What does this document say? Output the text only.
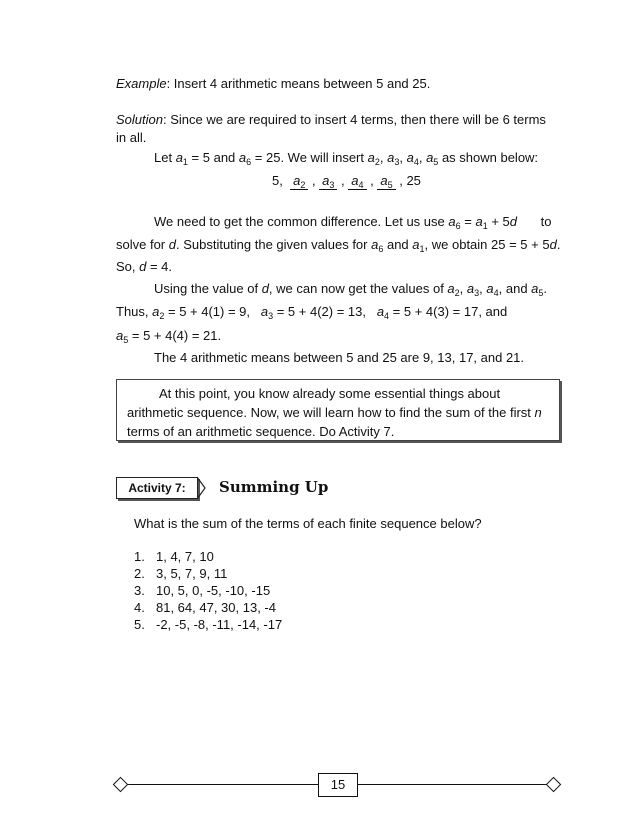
Example: Insert 4 arithmetic means between 5 and 25.
Solution: Since we are required to insert 4 terms, then there will be 6 terms
in all.
Let $a_1 = 5$ and $a_6 = 25$. We will insert $a_2$, $a_3$, $a_4$, $a_5$ as shown below:
5,  $a_2$ , $a_3$ , $a_4$ , $a_5$ , 25
We need to get the common difference. Let us use $a_6 = a_1 + 5d$ to
solve for d. Substituting the given values for $a_6$ and $a_1$, we obtain 25 = 5 + 5d.
So, d = 4.
Using the value of d, we can now get the values of $a_2$, $a_3$, $a_4$, and $a_5$.
Thus, $a_2 = 5 + 4(1) = 9$,   $a_3 = 5 + 4(2) = 13$,   $a_4 = 5 + 4(3) = 17$, and
$a_5 = 5 + 4(4) = 21$.
The 4 arithmetic means between 5 and 25 are 9, 13, 17, and 21.

At this point, you know already some essential things about

arithmetic sequence. Now, we will learn how to find the sum of the first n

terms of an arithmetic sequence. Do Activity 7.

Activity 7:	Summing Up
What is the sum of the terms of each finite sequence below?
1. 1, 4, 7, 10
2. 3, 5, 7, 9, 11
3. 10, 5, 0, -5, -10, -15
4. 81, 64, 47, 30, 13, -4
5. -2, -5, -8, -11, -14, -17
15
